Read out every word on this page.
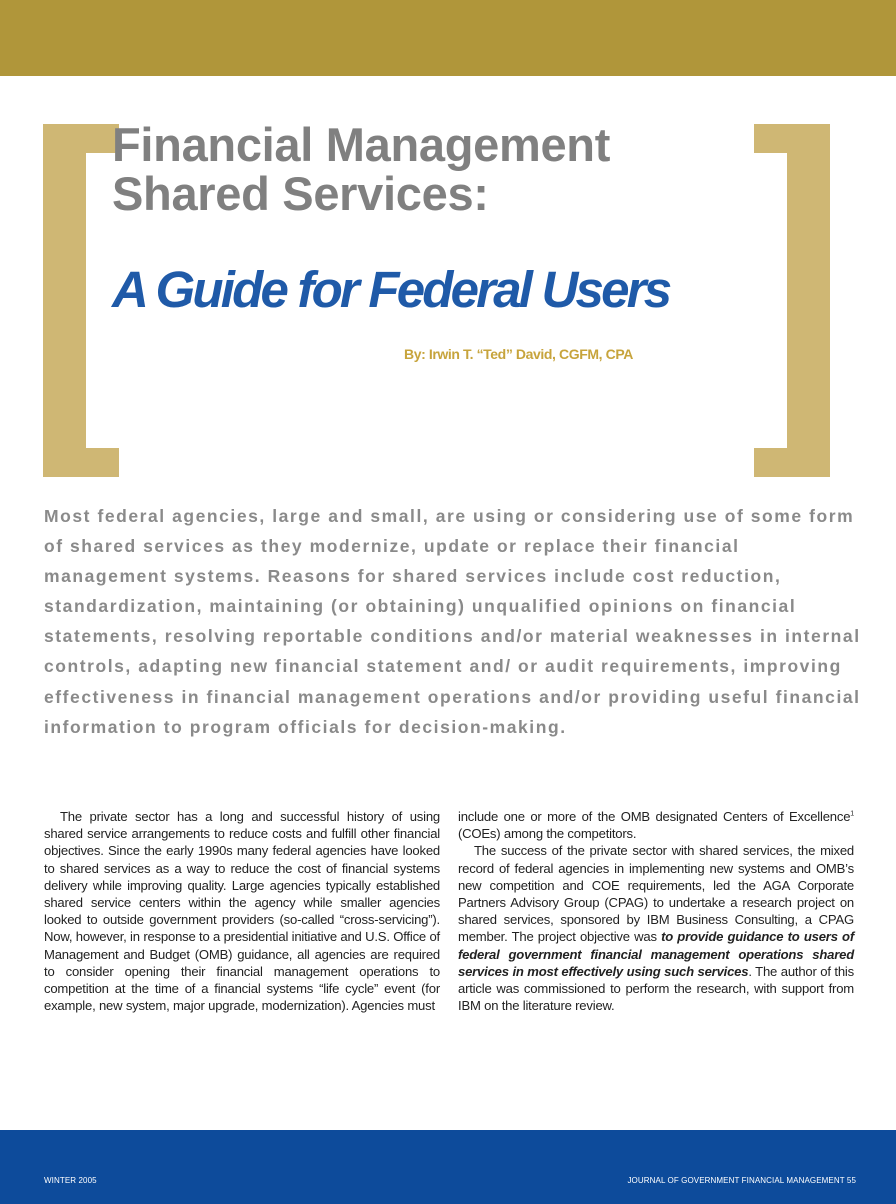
Financial Management
Shared Services:
A Guide for Federal Users
By: Irwin T. “Ted” David, CGFM, CPA

Most federal agencies, large and small, are using or considering use of some form of shared services as they modernize, update or replace their financial management systems. Reasons for shared services include cost reduction, standardization, maintaining (or obtaining) unqualified opinions on financial statements, resolving reportable conditions and/or material weaknesses in internal controls, adapting new financial statement and/ or audit requirements, improving effectiveness in financial management operations and/or providing useful financial information to program officials for decision-making.

The private sector has a long and successful history of using shared service arrangements to reduce costs and fulfill other financial objectives. Since the early 1990s many federal agencies have looked to shared services as a way to reduce the cost of financial systems delivery while improving quality. Large agencies typically established shared service centers within the agency while smaller agencies looked to outside government providers (so-called “cross-servicing”). Now, however, in response to a presidential initiative and U.S. Office of Management and Budget (OMB) guidance, all agencies are required to consider opening their financial management operations to competition at the time of a financial systems “life cycle” event (for example, new system, major upgrade, modernization). Agencies must

include one or more of the OMB designated Centers of Excellence$^1$ (COEs) among the competitors.

The success of the private sector with shared services, the mixed record of federal agencies in implementing new systems and OMB’s new competition and COE requirements, led the AGA Corporate Partners Advisory Group (CPAG) to undertake a research project on shared services, sponsored by IBM Business Consulting, a CPAG member. The project objective was to provide guidance to users of federal government financial management operations shared services in most effectively using such services. The author of this article was commissioned to perform the research, with support from IBM on the literature review.

WINTER 2005	JOURNAL OF GOVERNMENT FINANCIAL MANAGEMENT 55
